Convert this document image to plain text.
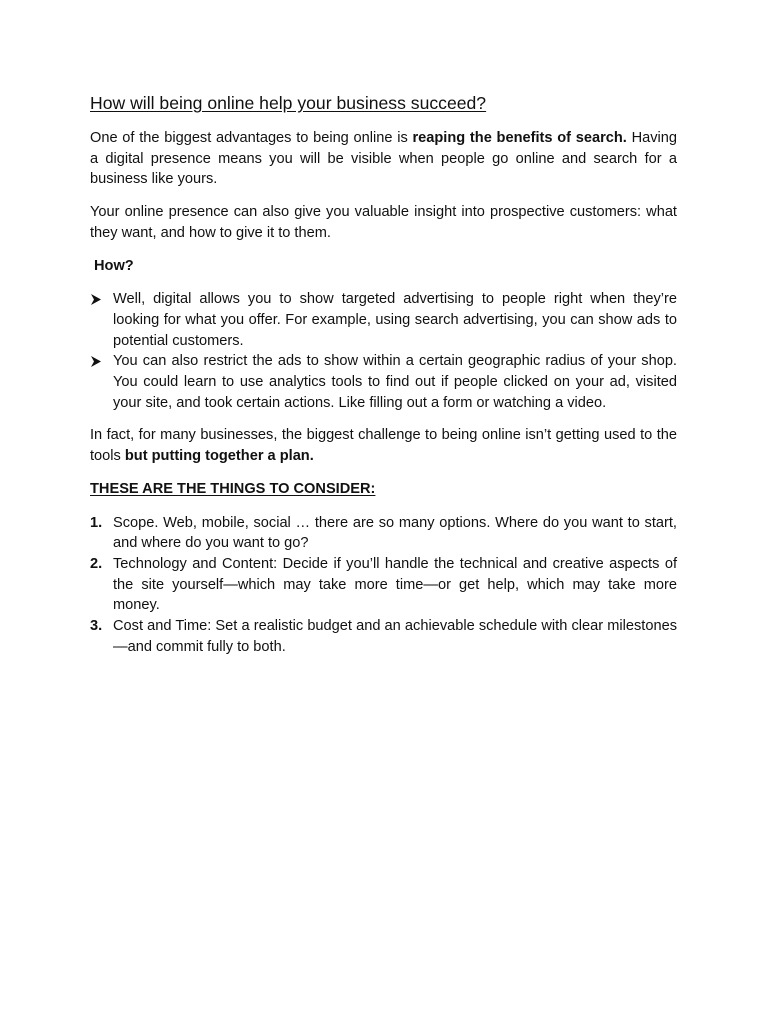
How will being online help your business succeed?

One of the biggest advantages to being online is reaping the benefits of search. Having a digital presence means you will be visible when people go online and search for a business like yours.

Your online presence can also give you valuable insight into prospective customers: what they want, and how to give it to them.

How?
Well, digital allows you to show targeted advertising to people right when they’re looking for what you offer. For example, using search advertising, you can show ads to potential customers.
You can also restrict the ads to show within a certain geographic radius of your shop. You could learn to use analytics tools to find out if people clicked on your ad, visited your site, and took certain actions. Like filling out a form or watching a video.

In fact, for many businesses, the biggest challenge to being online isn’t getting used to the tools but putting together a plan.

THESE ARE THE THINGS TO CONSIDER:
1. Scope. Web, mobile, social … there are so many options. Where do you want to start, and where do you want to go?
2. Technology and Content: Decide if you’ll handle the technical and creative aspects of the site yourself—which may take more time—or get help, which may take more money.
3. Cost and Time: Set a realistic budget and an achievable schedule with clear milestones—and commit fully to both.
